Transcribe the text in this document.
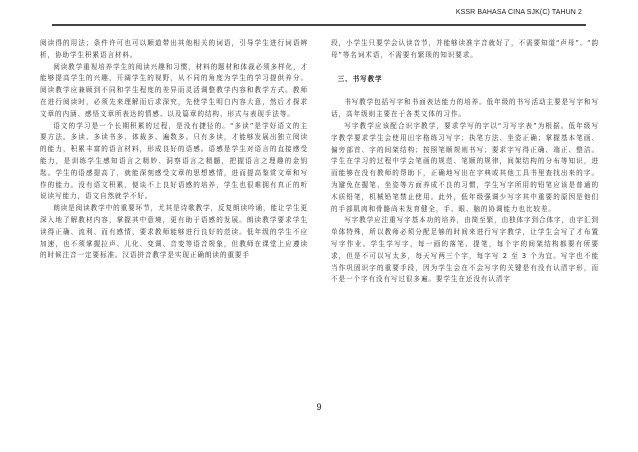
KSSR BAHASA CINA SJK(C) TAHUN 2

阅读得的用法；条件许可也可以顺道带出其他相关的词语，引导学生进行词语辨析，协助学生积累语言材料。

阅读教学重视培养学生的阅读兴趣和习惯，材料的题材和体裁必须多样化，才能够提高学生的兴趣，开阔学生的视野，从不同的角度为学生的学习提供养分。阅读教学应兼顾到不同和学生程度的差异而灵活调整教学内容和教学方式。教师在进行阅读时，必须先来理解而后求深究，先使学生明白内容大意，然后才探求文章的内涵、感悟文章所表达的情感、以及篇章的结构、形式与表现手法等。

语文的学习是一个长期积累的过程，是没有捷径的。“多读”是学好语文的主要方法。多读、多读书多、体裁多、遍数多。只有多读，才能够发展出独立阅读的能力，积累丰富的语言材料，形成良好的语感。语感是学生对语言的直接感受能力，是训练学生感知语言之精妙、洞察语言之精髓，把握语言之理趣的金钥匙。学生的语感提高了，就能深刻感受文章的思想感情，进而提高鉴赏文章和写作的能力。没有语文积累，便谈不上良好语感的培养，学生也很难拥有真正的听说读写能力，语文自然就学不好。

朗读是阅读教学中的重要环节，尤其是诗歌教学，反复朗读吟诵，能让学生更深入地了解教材内容，掌握其中意境，更有助于语感的发展。朗读教学要求学生读得正确、流利、而有感情，要求教师能够进行良好的范读。低年级的学生不应加速，也不须掌握拉声、儿化、变调、音变等语音规象，但教师在课堂上应遵读的时候注音一定要标准。汉语拼音教学是实现正确朗读的重要手

段，小学生只要学会认读音节，并能够读准字音就好了，不需要知道“声母”、“韵母”等名词术语，不需要有繁琐的知识要求。

三、书写教学

书写教学包括写字和书面表达能力的培养。低年级的书写活动主要是写字和写话，高年级则主要在于各类文体的习作。

写字教学应该配合识字教学，要求学写的字以“习写字表”为根据。低年级写字教学要求学生会使用田字格练习写字；执笔方法、坐姿正确；掌握基本笔画、偏旁部首、字的间架结构；按照笔顺规则书写；要求字写得正确、端正、整洁。学生在学习的过程中学会笔画的规范、笔顺的规律，间架结构的分布等知识，进而能够在没有教师的帮助下，正确地写出在字典或其他工具书里查找出来的字。为避免在握笔、坐姿等方面养成不良的习惯，学生写字所用的铅笔应该是普通的木质铅笔，机械铅笔禁止使用。此外，低年级强调少写字其中重要的原因是他们的手部肌肉和骨骼尚未发育健全，手、眼、脑的协调能力也比较差。

写字教学应注重写字基本功的培养，由简至繁，由独体字到合体字，由字汇到单体特殊，所以教师必须分配足够的时间来进行写字教学，让学生会写了才布置写字作业。学生学写字，每一画的落笔、提笔，每个字的间架结构都要有所要求，但是不可以写太多，每天写两三个字，每字写 2 至 3 个为宜。写字也不能当作巩固识字的重要手段，因为学生会在不会写字的关键是有没有认清字形，而不是一个字有没有写过很多遍。要学生在还没有认清字

9
